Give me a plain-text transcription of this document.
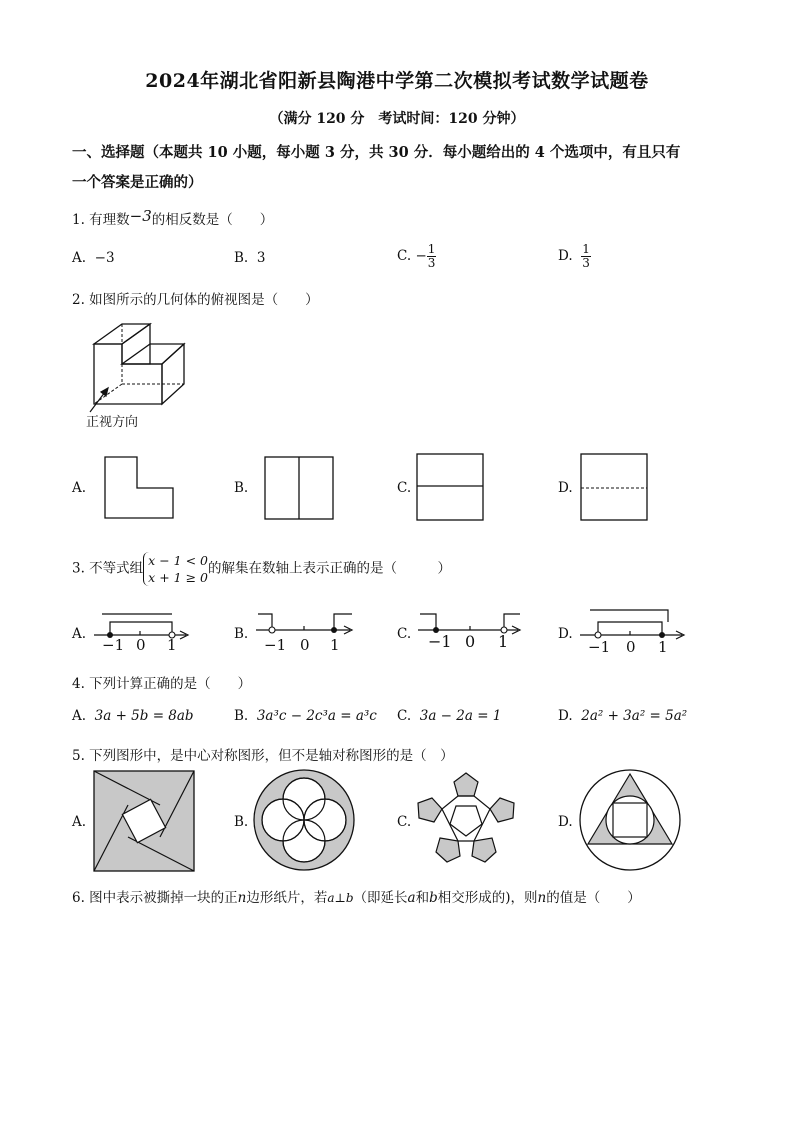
2024年湖北省阳新县陶港中学第二次模拟考试数学试题卷
（满分 120 分　考试时间：120 分钟）
一、选择题（本题共 10 小题，每小题 3 分，共 30 分．每小题给出的 4 个选项中，有且只有
一个答案是正确的）
1. 有理数−3的相反数是（　　）
A. −3	B. 3	C. − $\frac{1}{3}$	D. $\frac{1}{3}$
2. 如图所示的几何体的俯视图是（　　）
正视方向
A.	B.	C.	D.
3. 不等式组 x − 1 < 0
x + 1 ≥ 0
的解集在数轴上表示正确的是（　　　）
A.
−1 0 1
B.
−1 0 1
C. −1 0 1	D.
−1 0 1
4. 下列计算正确的是（　　）
A. 3a + 5b = 8ab	B. 3a³c − 2c³a = a³c C. 3a − 2a = 1	D. 2a² + 3a² = 5a²
5. 下列图形中，是中心对称图形，但不是轴对称图形的是（　）
A.	B.	C.	D.
6. 图中表示被撕掉一块的正n边形纸片，若a⊥b（即延长a和b相交形成的)，则n的值是（　　）
